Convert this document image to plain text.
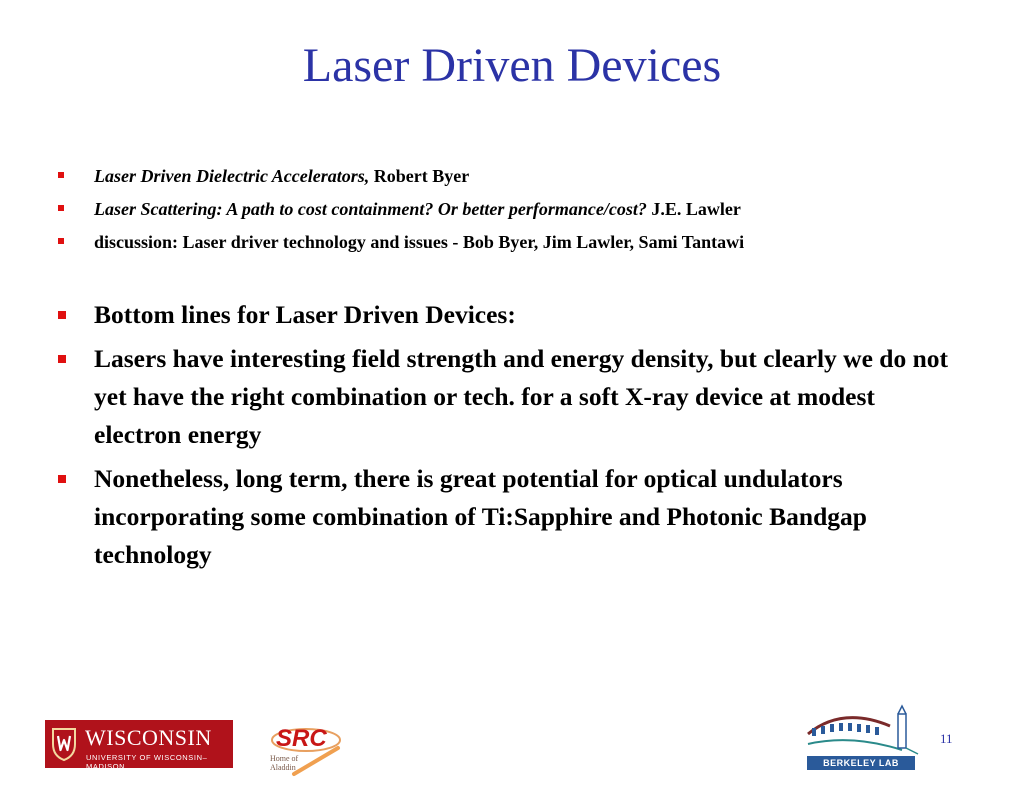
Laser Driven Devices
Laser Driven Dielectric Accelerators, Robert Byer
Laser Scattering: A path to cost containment? Or better performance/cost? J.E. Lawler
discussion: Laser driver technology and issues - Bob Byer, Jim Lawler, Sami Tantawi
Bottom lines for Laser Driven Devices:
Lasers have interesting field strength and energy density, but clearly we do not yet have the right combination or tech. for a soft X-ray device at modest electron energy
Nonetheless, long term, there is great potential for optical undulators incorporating some combination of Ti:Sapphire and Photonic Bandgap technology
WISCONSIN
UNIVERSITY OF WISCONSIN–MADISON
SRC
Home of Aladdin	BERKELEY LAB
11
